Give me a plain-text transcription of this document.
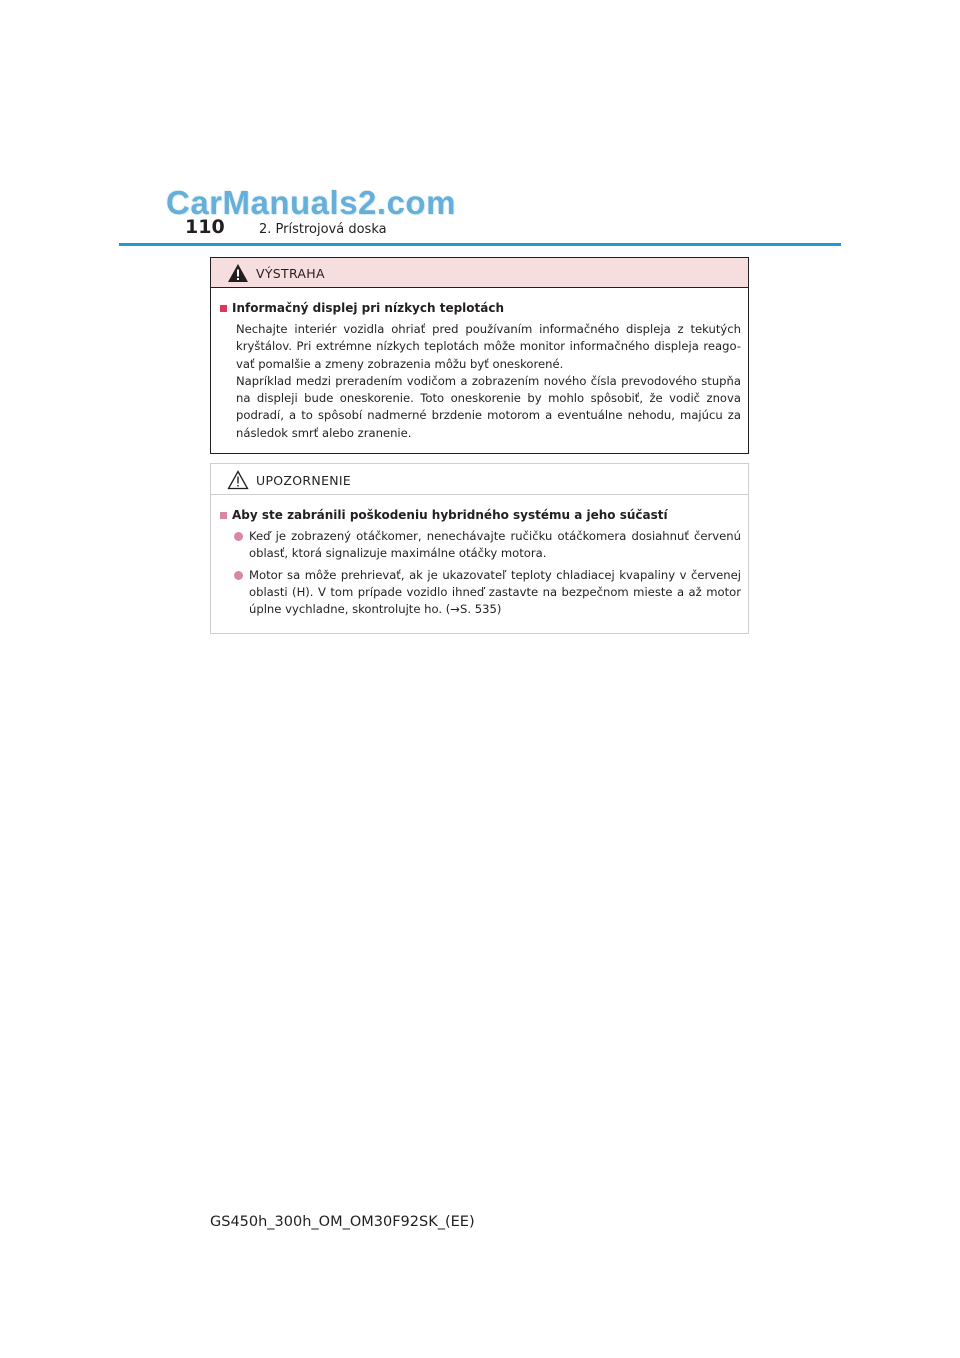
CarManuals2.com
110	2. Prístrojová doska
VÝSTRAHA
Informačný displej pri nízkych teplotách
Nechajte interiér vozidla ohriať pred používaním informačného displeja z tekutých kryštálov. Pri extrémne nízkych teplotách môže monitor informačného displeja reago-vať pomalšie a zmeny zobrazenia môžu byť oneskorené.
Napríklad medzi preradením vodičom a zobrazením nového čísla prevodového stupňa na displeji bude oneskorenie. Toto oneskorenie by mohlo spôsobiť, že vodič znova podradí, a to spôsobí nadmerné brzdenie motorom a eventuálne nehodu, majúcu za následok smrť alebo zranenie.
UPOZORNENIE
Aby ste zabránili poškodeniu hybridného systému a jeho súčastí
Keď je zobrazený otáčkomer, nenechávajte ručičku otáčkomera dosiahnuť červenú oblasť, ktorá signalizuje maximálne otáčky motora.
Motor sa môže prehrievať, ak je ukazovateľ teploty chladiacej kvapaliny v červenej oblasti (H). V tom prípade vozidlo ihneď zastavte na bezpečnom mieste a až motor úplne vychladne, skontrolujte ho. (→S. 535)
GS450h_300h_OM_OM30F92SK_(EE)
